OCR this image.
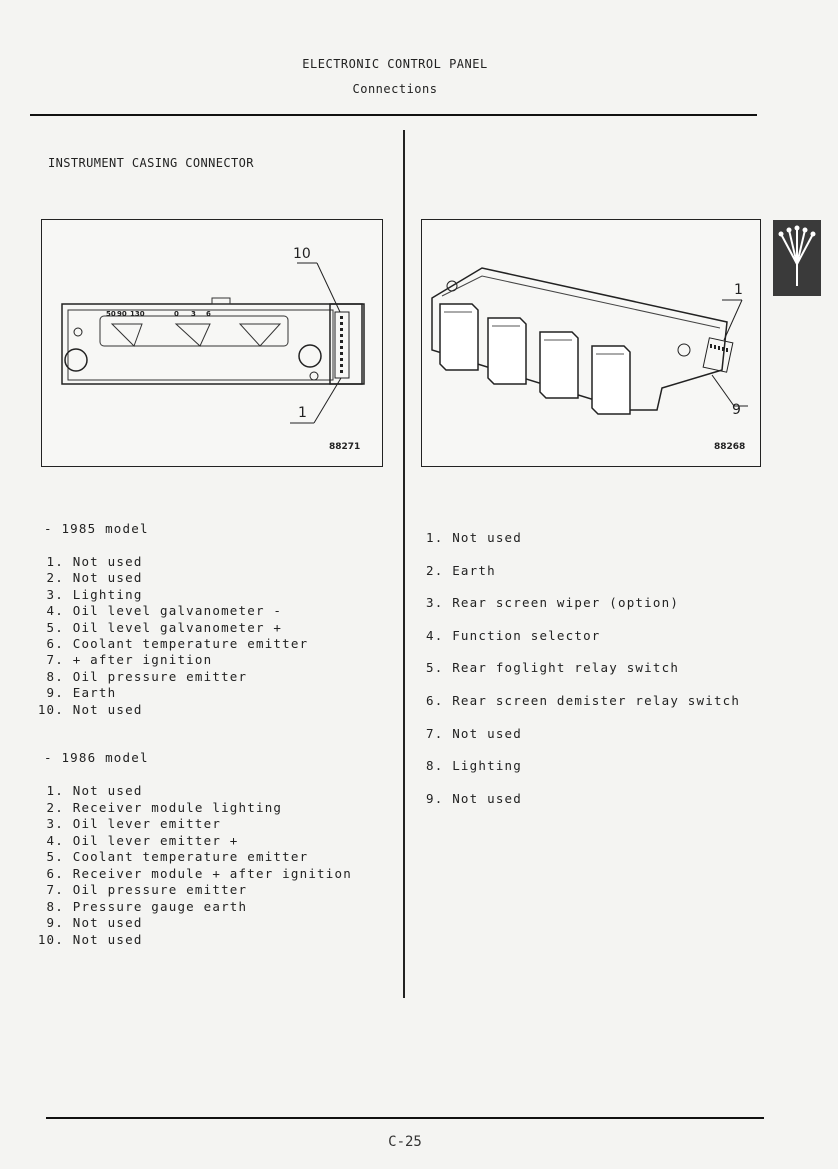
ELECTRONIC CONTROL PANEL
Connections
INSTRUMENT CASING CONNECTOR
50 90 130	0 3 6
10
1
88271
1
9
88268
- 1985 model
1. Not used
2. Not used
3. Lighting
4. Oil level galvanometer -
5. Oil level galvanometer +
6. Coolant temperature emitter
7. + after ignition
8. Oil pressure emitter
9. Earth
10. Not used
- 1986 model
1. Not used
2. Receiver module lighting
3. Oil lever emitter
4. Oil lever emitter +
5. Coolant temperature emitter
6. Receiver module + after ignition
7. Oil pressure emitter
8. Pressure gauge earth
9. Not used
10. Not used
1. Not used
2. Earth
3. Rear screen wiper (option)
4. Function selector
5. Rear foglight relay switch
6. Rear screen demister relay switch
7. Not used
8. Lighting
9. Not used
C-25
